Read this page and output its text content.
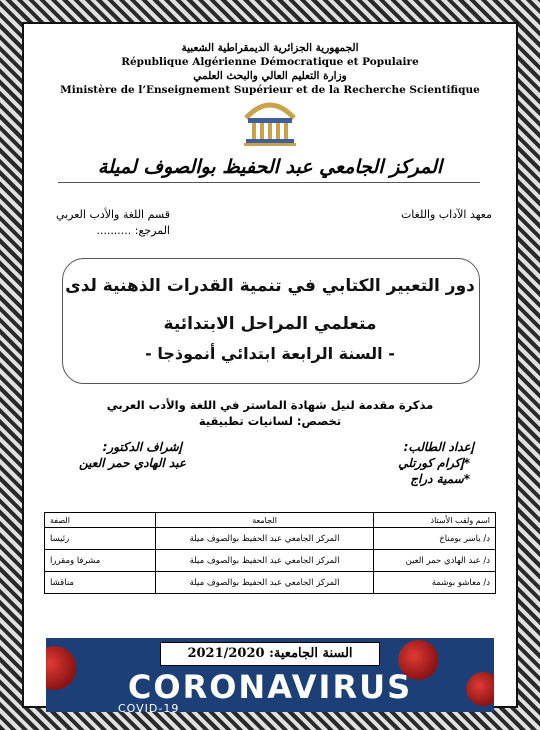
الجمهورية الجزائرية الديمقراطية الشعبية
République Algérienne Démocratique et Populaire
وزارة التعليم العالي والبحث العلمي
Ministère de l’Enseignement Supérieur et de la Recherche Scientifique
المركز الجامعي عبد الحفيظ بوالصوف لميلة
معهد الآداب واللغات
قسم اللغة والأدب العربي
المرجع: ..........
دور التعبير الكتابي في تنمية القدرات الذهنية لدى
متعلمي المراحل الابتدائية
- السنة الرابعة ابتدائي أنموذجا -
مذكرة مقدمة لنيل شهادة الماستر في اللغة والأدب العربي
تخصص: لسانيات تطبيقية
إعداد الطالب:
*إكرام كورتلي
*سمية دراج
إشراف الدكتور:
عبد الهادي حمر العين
اسم ولقب الأستاذ	الجامعة	الصفة
د/ ياسر بومناخ	المركز الجامعي عبد الحفيظ بوالصوف ميلة	رئيسا
د/ عبد الهادي حمر العين	المركز الجامعي عبد الحفيظ بوالصوف ميلة	مشرفا ومقررا
د/ معاشو بوشمة	المركز الجامعي عبد الحفيظ بوالصوف ميلة	مناقشا
السنة الجامعية: 2021/2020
CORONAVIRUS
COVID-19
